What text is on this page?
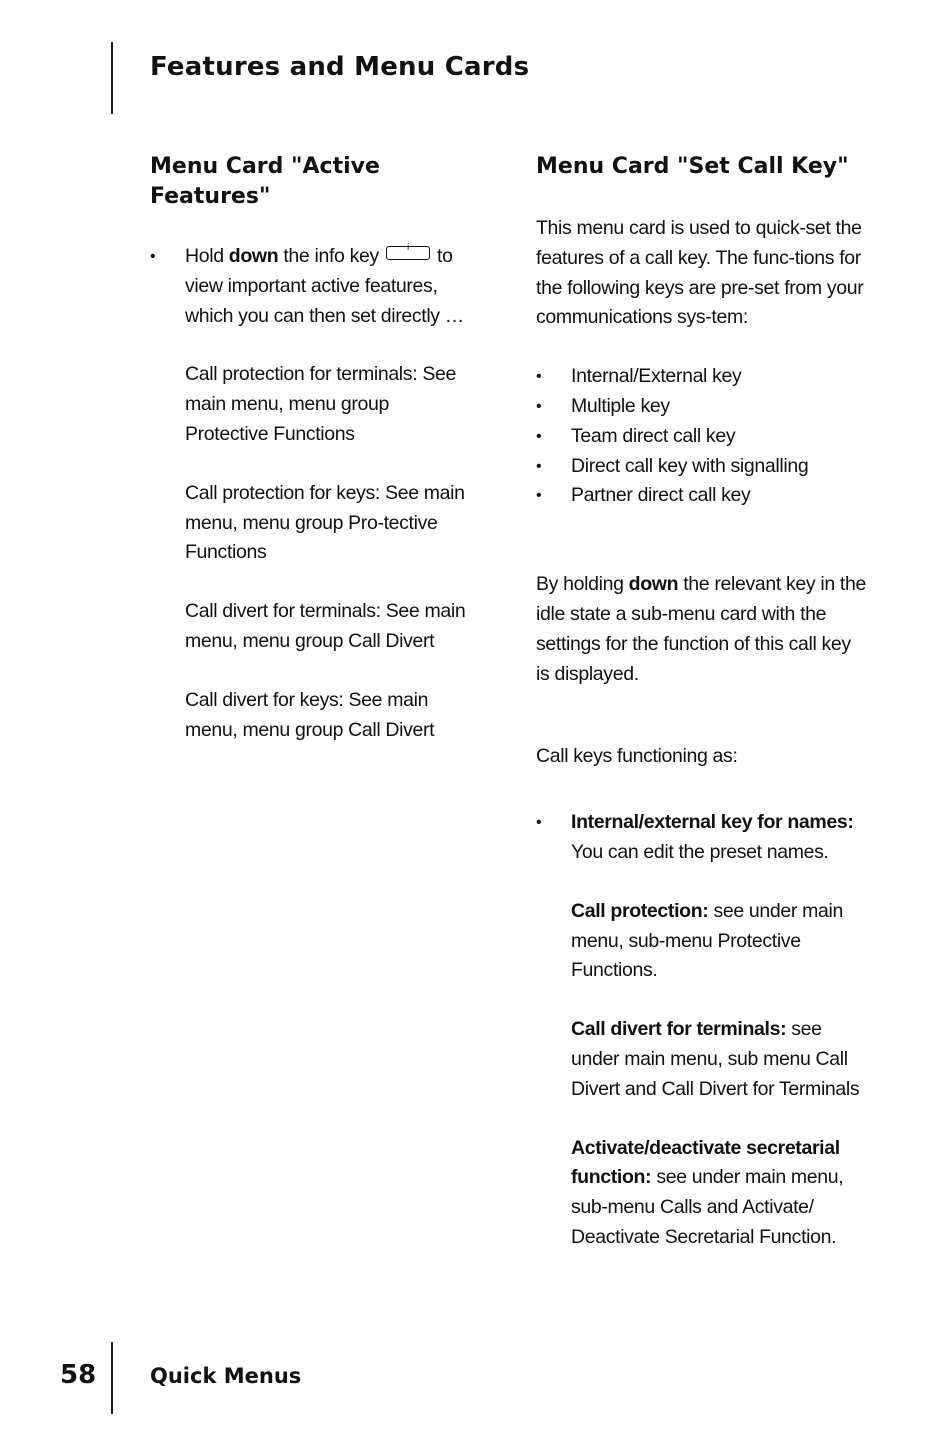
Features and Menu Cards
Menu Card "Active Features"
• Hold down the info key i	to view important active features, which you can then set directly …

Call protection for terminals: See main menu, menu group Protective Functions

Call protection for keys: See main menu, menu group Pro-tective Functions

Call divert for terminals: See main menu, menu group Call Divert

Call divert for keys: See main menu, menu group Call Divert

Menu Card "Set Call Key"

This menu card is used to quick-set the features of a call key. The func-tions for the following keys are pre-set from your communications sys-tem:

• Internal/External key
• Multiple key
• Team direct call key
• Direct call key with signalling
• Partner direct call key

By holding down the relevant key in the idle state a sub-menu card with the settings for the function of this call key is displayed.

Call keys functioning as:

• Internal/external key for names: You can edit the preset names.

Call protection: see under main menu, sub-menu Protective Functions.

Call divert for terminals: see under main menu, sub menu Call Divert and Call Divert for Terminals

Activate/deactivate secretarial function: see under main menu, sub-menu Calls and Activate/ Deactivate Secretarial Function.

58	Quick Menus
